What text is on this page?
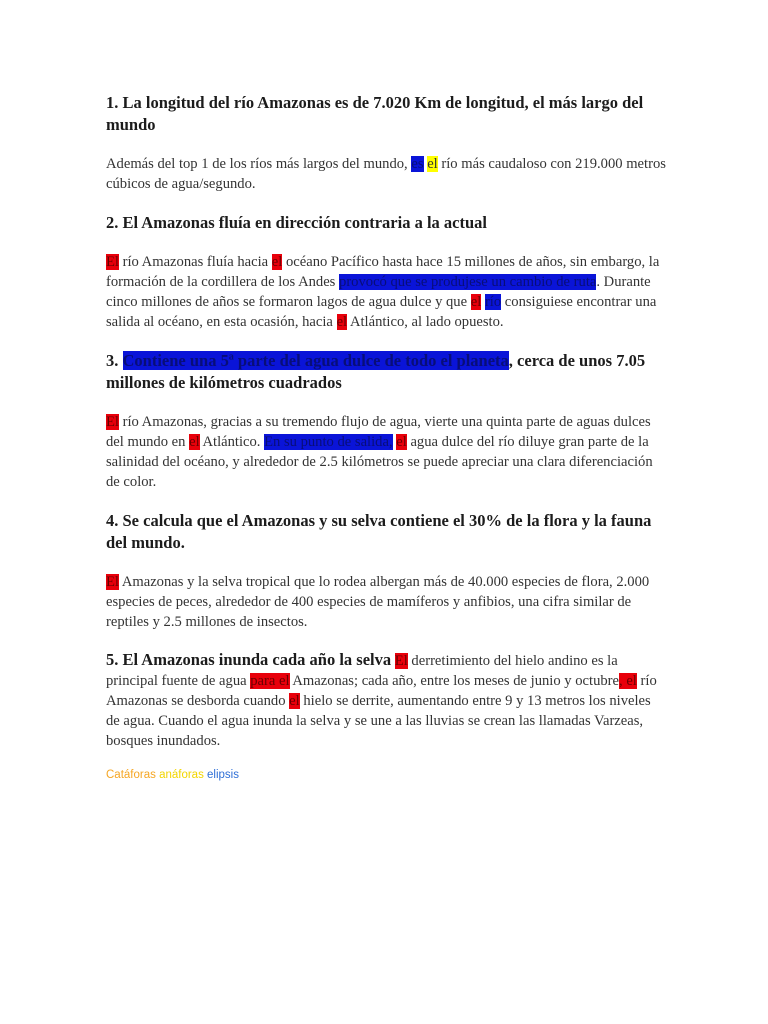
1. La longitud del río Amazonas es de 7.020 Km de longitud, el más largo del mundo

Además del top 1 de los ríos más largos del mundo, es el río más caudaloso con 219.000 metros cúbicos de agua/segundo.

2. El Amazonas fluía en dirección contraria a la actual

El río Amazonas fluía hacia el océano Pacífico hasta hace 15 millones de años, sin embargo, la formación de la cordillera de los Andes provocó que se produjese un cambio de ruta. Durante cinco millones de años se formaron lagos de agua dulce y que el río consiguiese encontrar una salida al océano, en esta ocasión, hacia el Atlántico, al lado opuesto.

3. Contiene una 5ª parte del agua dulce de todo el planeta, cerca de unos 7.05 millones de kilómetros cuadrados

El río Amazonas, gracias a su tremendo flujo de agua, vierte una quinta parte de aguas dulces del mundo en el Atlántico. En su punto de salida, el agua dulce del río diluye gran parte de la salinidad del océano, y alrededor de 2.5 kilómetros se puede apreciar una clara diferenciación de color.

4. Se calcula que el Amazonas y su selva contiene el 30% de la flora y la fauna del mundo.

El Amazonas y la selva tropical que lo rodea albergan más de 40.000 especies de flora, 2.000 especies de peces, alrededor de 400 especies de mamíferos y anfibios, una cifra similar de reptiles y 2.5 millones de insectos.

5. El Amazonas inunda cada año la selva El derretimiento del hielo andino es la principal fuente de agua para el Amazonas; cada año, entre los meses de junio y octubre, el río Amazonas se desborda cuando el hielo se derrite, aumentando entre 9 y 13 metros los niveles de agua. Cuando el agua inunda la selva y se une a las lluvias se crean las llamadas Varzeas, bosques inundados.

Catáforas anáforas elipsis
